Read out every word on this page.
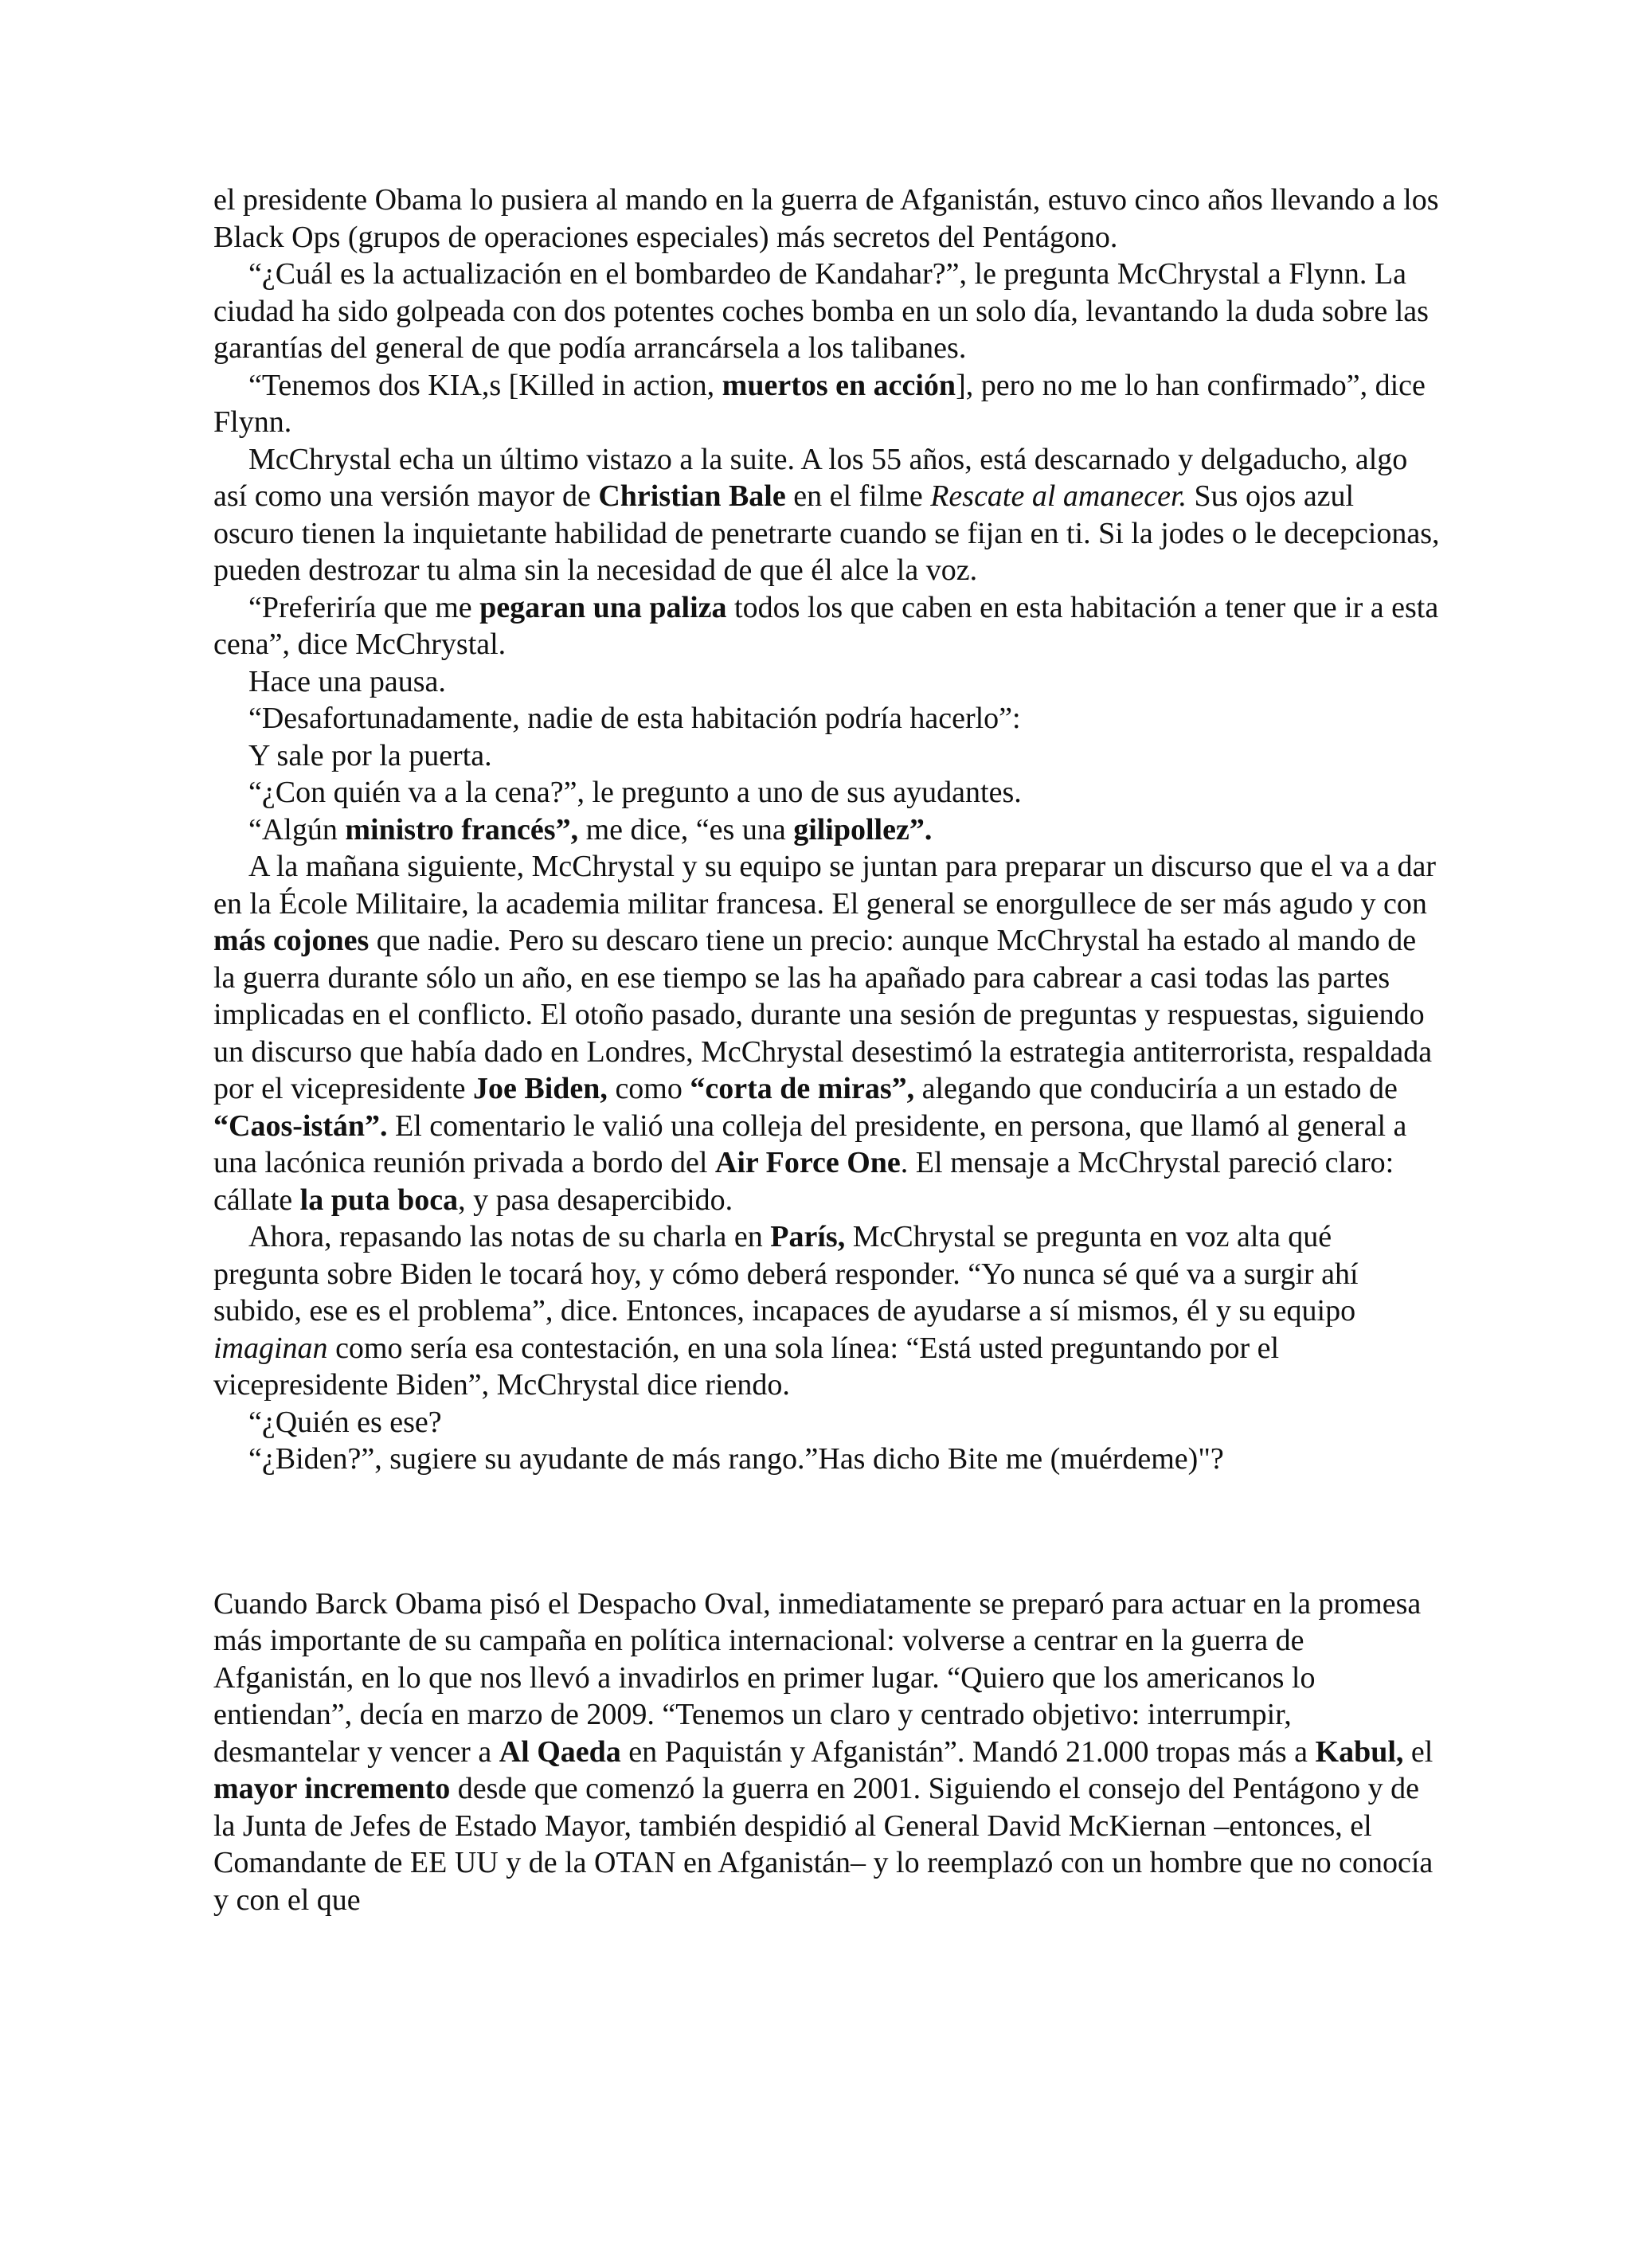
el presidente Obama lo pusiera al mando en la guerra de Afganistán, estuvo cinco años llevando a los Black Ops (grupos de operaciones especiales) más secretos del Pentágono.

“¿Cuál es la actualización en el bombardeo de Kandahar?”, le pregunta McChrystal a Flynn. La ciudad ha sido golpeada con dos potentes coches bomba en un solo día, levantando la duda sobre las garantías del general de que podía arrancársela a los talibanes.

“Tenemos dos KIA,s [Killed in action, muertos en acción], pero no me lo han confirmado”, dice Flynn.

McChrystal echa un último vistazo a la suite. A los 55 años, está descarnado y delgaducho, algo así como una versión mayor de Christian Bale en el filme Rescate al amanecer. Sus ojos azul oscuro tienen la inquietante habilidad de penetrarte cuando se fijan en ti. Si la jodes o le decepcionas, pueden destrozar tu alma sin la necesidad de que él alce la voz.

“Preferiría que me pegaran una paliza todos los que caben en esta habitación a tener que ir a esta cena”, dice McChrystal.

Hace una pausa.

“Desafortunadamente, nadie de esta habitación podría hacerlo”:

Y sale por la puerta.

“¿Con quién va a la cena?”, le pregunto a uno de sus ayudantes.

“Algún ministro francés”, me dice, “es una gilipollez”.

A la mañana siguiente, McChrystal y su equipo se juntan para preparar un discurso que el va a dar en la École Militaire, la academia militar francesa. El general se enorgullece de ser más agudo y con más cojones que nadie. Pero su descaro tiene un precio: aunque McChrystal ha estado al mando de la guerra durante sólo un año, en ese tiempo se las ha apañado para cabrear a casi todas las partes implicadas en el conflicto. El otoño pasado, durante una sesión de preguntas y respuestas, siguiendo un discurso que había dado en Londres, McChrystal desestimó la estrategia antiterrorista, respaldada por el vicepresidente Joe Biden, como “corta de miras”, alegando que conduciría a un estado de “Caos-istán”. El comentario le valió una colleja del presidente, en persona, que llamó al general a una lacónica reunión privada a bordo del Air Force One. El mensaje a McChrystal pareció claro: cállate la puta boca, y pasa desapercibido.

Ahora, repasando las notas de su charla en París, McChrystal se pregunta en voz alta qué pregunta sobre Biden le tocará hoy, y cómo deberá responder. “Yo nunca sé qué va a surgir ahí subido, ese es el problema”, dice. Entonces, incapaces de ayudarse a sí mismos, él y su equipo imaginan como sería esa contestación, en una sola línea: “Está usted preguntando por el vicepresidente Biden”, McChrystal dice riendo.

“¿Quién es ese?

“¿Biden?”, sugiere su ayudante de más rango.”Has dicho Bite me (muérdeme)"?

Cuando Barck Obama pisó el Despacho Oval, inmediatamente se preparó para actuar en la promesa más importante de su campaña en política internacional: volverse a centrar en la guerra de Afganistán, en lo que nos llevó a invadirlos en primer lugar. “Quiero que los americanos lo entiendan”, decía en marzo de 2009. “Tenemos un claro y centrado objetivo: interrumpir, desmantelar y vencer a Al Qaeda en Paquistán y Afganistán”. Mandó 21.000 tropas más a Kabul, el mayor incremento desde que comenzó la guerra en 2001. Siguiendo el consejo del Pentágono y de la Junta de Jefes de Estado Mayor, también despidió al General David McKiernan –entonces, el Comandante de EE UU y de la OTAN en Afganistán– y lo reemplazó con un hombre que no conocía y con el que
